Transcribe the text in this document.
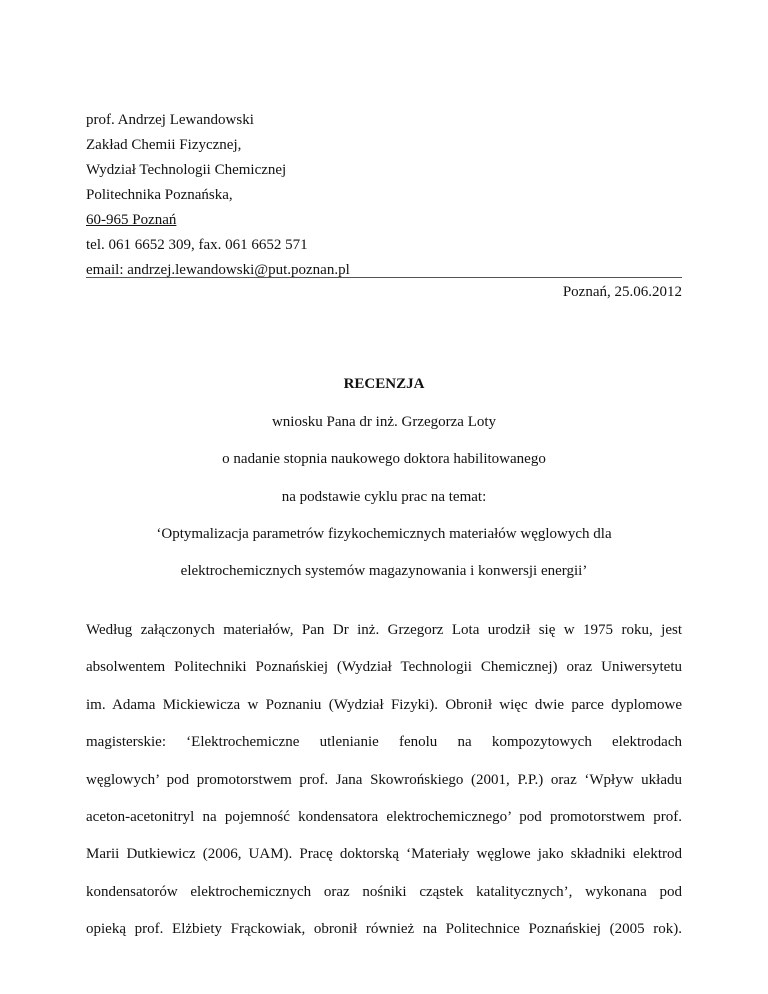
prof. Andrzej Lewandowski
Zakład Chemii Fizycznej,
Wydział Technologii Chemicznej
Politechnika Poznańska,
60-965 Poznań
tel. 061 6652 309, fax. 061 6652 571
email: andrzej.lewandowski@put.poznan.pl
Poznań, 25.06.2012
RECENZJA
wniosku Pana dr inż. Grzegorza Loty
o nadanie stopnia naukowego doktora habilitowanego
na podstawie cyklu prac na temat:
‘Optymalizacja parametrów fizykochemicznych materiałów węglowych dla
elektrochemicznych systemów magazynowania i konwersji energii’
Według załączonych materiałów, Pan Dr inż. Grzegorz Lota urodził się w 1975 roku, jest
absolwentem Politechniki Poznańskiej (Wydział Technologii Chemicznej) oraz Uniwersytetu
im. Adama Mickiewicza w Poznaniu (Wydział Fizyki). Obronił więc dwie parce dyplomowe
magisterskie: ‘Elektrochemiczne utlenianie fenolu na kompozytowych elektrodach
węglowych’ pod promotorstwem prof. Jana Skowrońskiego (2001, P.P.) oraz ‘Wpływ układu
aceton-acetonitryl na pojemność kondensatora elektrochemicznego’ pod promotorstwem prof.
Marii Dutkiewicz (2006, UAM). Pracę doktorską ‘Materiały węglowe jako składniki elektrod
kondensatorów elektrochemicznych oraz nośniki cząstek katalitycznych’, wykonana pod
opieką prof. Elżbiety Frąckowiak, obronił również na Politechnice Poznańskiej (2005 rok).
